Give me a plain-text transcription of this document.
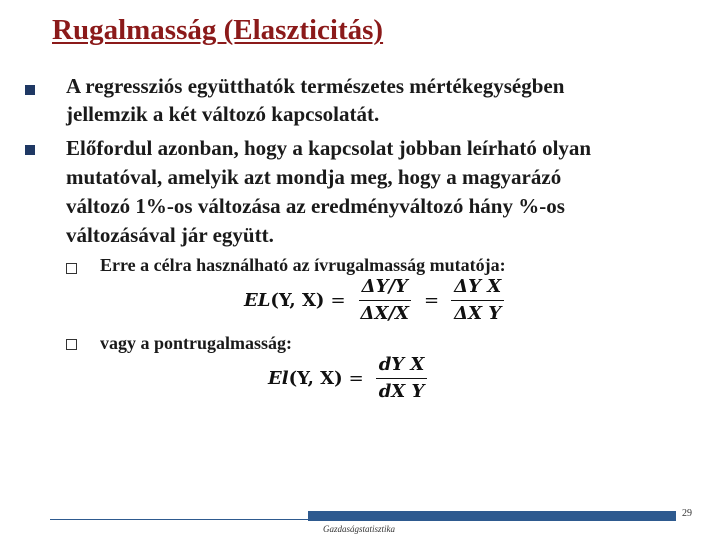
Rugalmasság (Elaszticitás)
A regressziós együtthatók természetes mértékegységben
jellemzik a két változó kapcsolatát.
Előfordul azonban, hogy a kapcsolat jobban leírható olyan
mutatóval, amelyik azt mondja meg, hogy a magyarázó
változó 1%-os változása az eredményváltozó hány %-os
változásával jár együtt.
Erre a célra használható az ívrugalmasság mutatója:
EL (Y, $X) = \frac{\Delta Y/Y}{\Delta X/X} = \frac{\text{ΔY X}}{\text{ΔX Y}}$
vagy a pontrugalmasság:
El (Y, $X) = \frac{\text{dY X}}{\text{dX Y}}$
29
Gazdaságstatisztika
